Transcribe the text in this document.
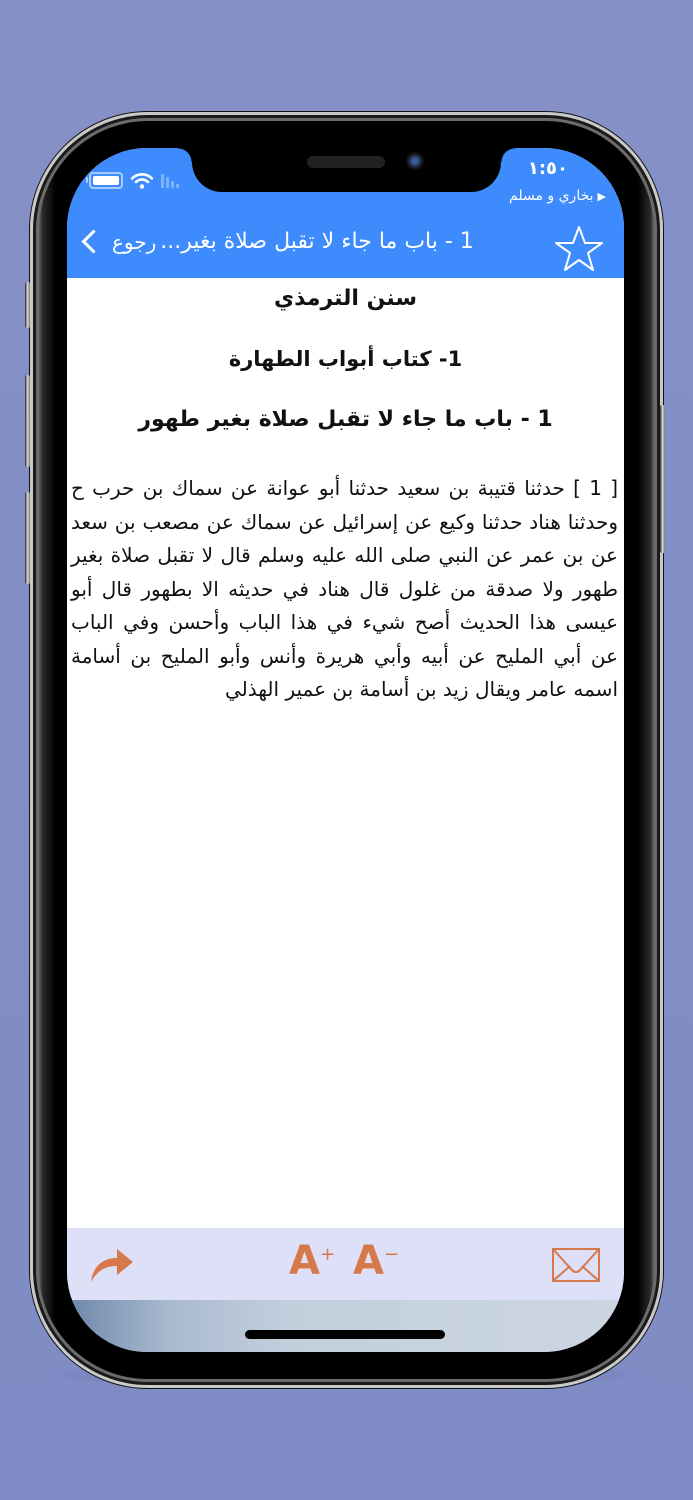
١:٥٠
▶
بخاري و مسلم
رجوع 1 - باب ما جاء لا تقبل صلاة بغير...
سنن الترمذي
1- كتاب أبواب الطهارة
1 - باب ما جاء لا تقبل صلاة بغير طهور
[ 1 ] حدثنا قتيبة بن سعيد حدثنا أبو عوانة عن سماك بن حرب ح وحدثنا هناد حدثنا وكيع عن إسرائيل عن سماك عن مصعب بن سعد عن بن عمر عن النبي صلى الله عليه وسلم قال لا تقبل صلاة بغير طهور ولا صدقة من غلول قال هناد في حديثه الا بطهور قال أبو عيسى هذا الحديث أصح شيء في هذا الباب وأحسن وفي الباب عن أبي المليح عن أبيه وأبي هريرة وأنس وأبو المليح بن أسامة اسمه عامر ويقال زيد بن أسامة بن عمير الهذلي
A+ A−
